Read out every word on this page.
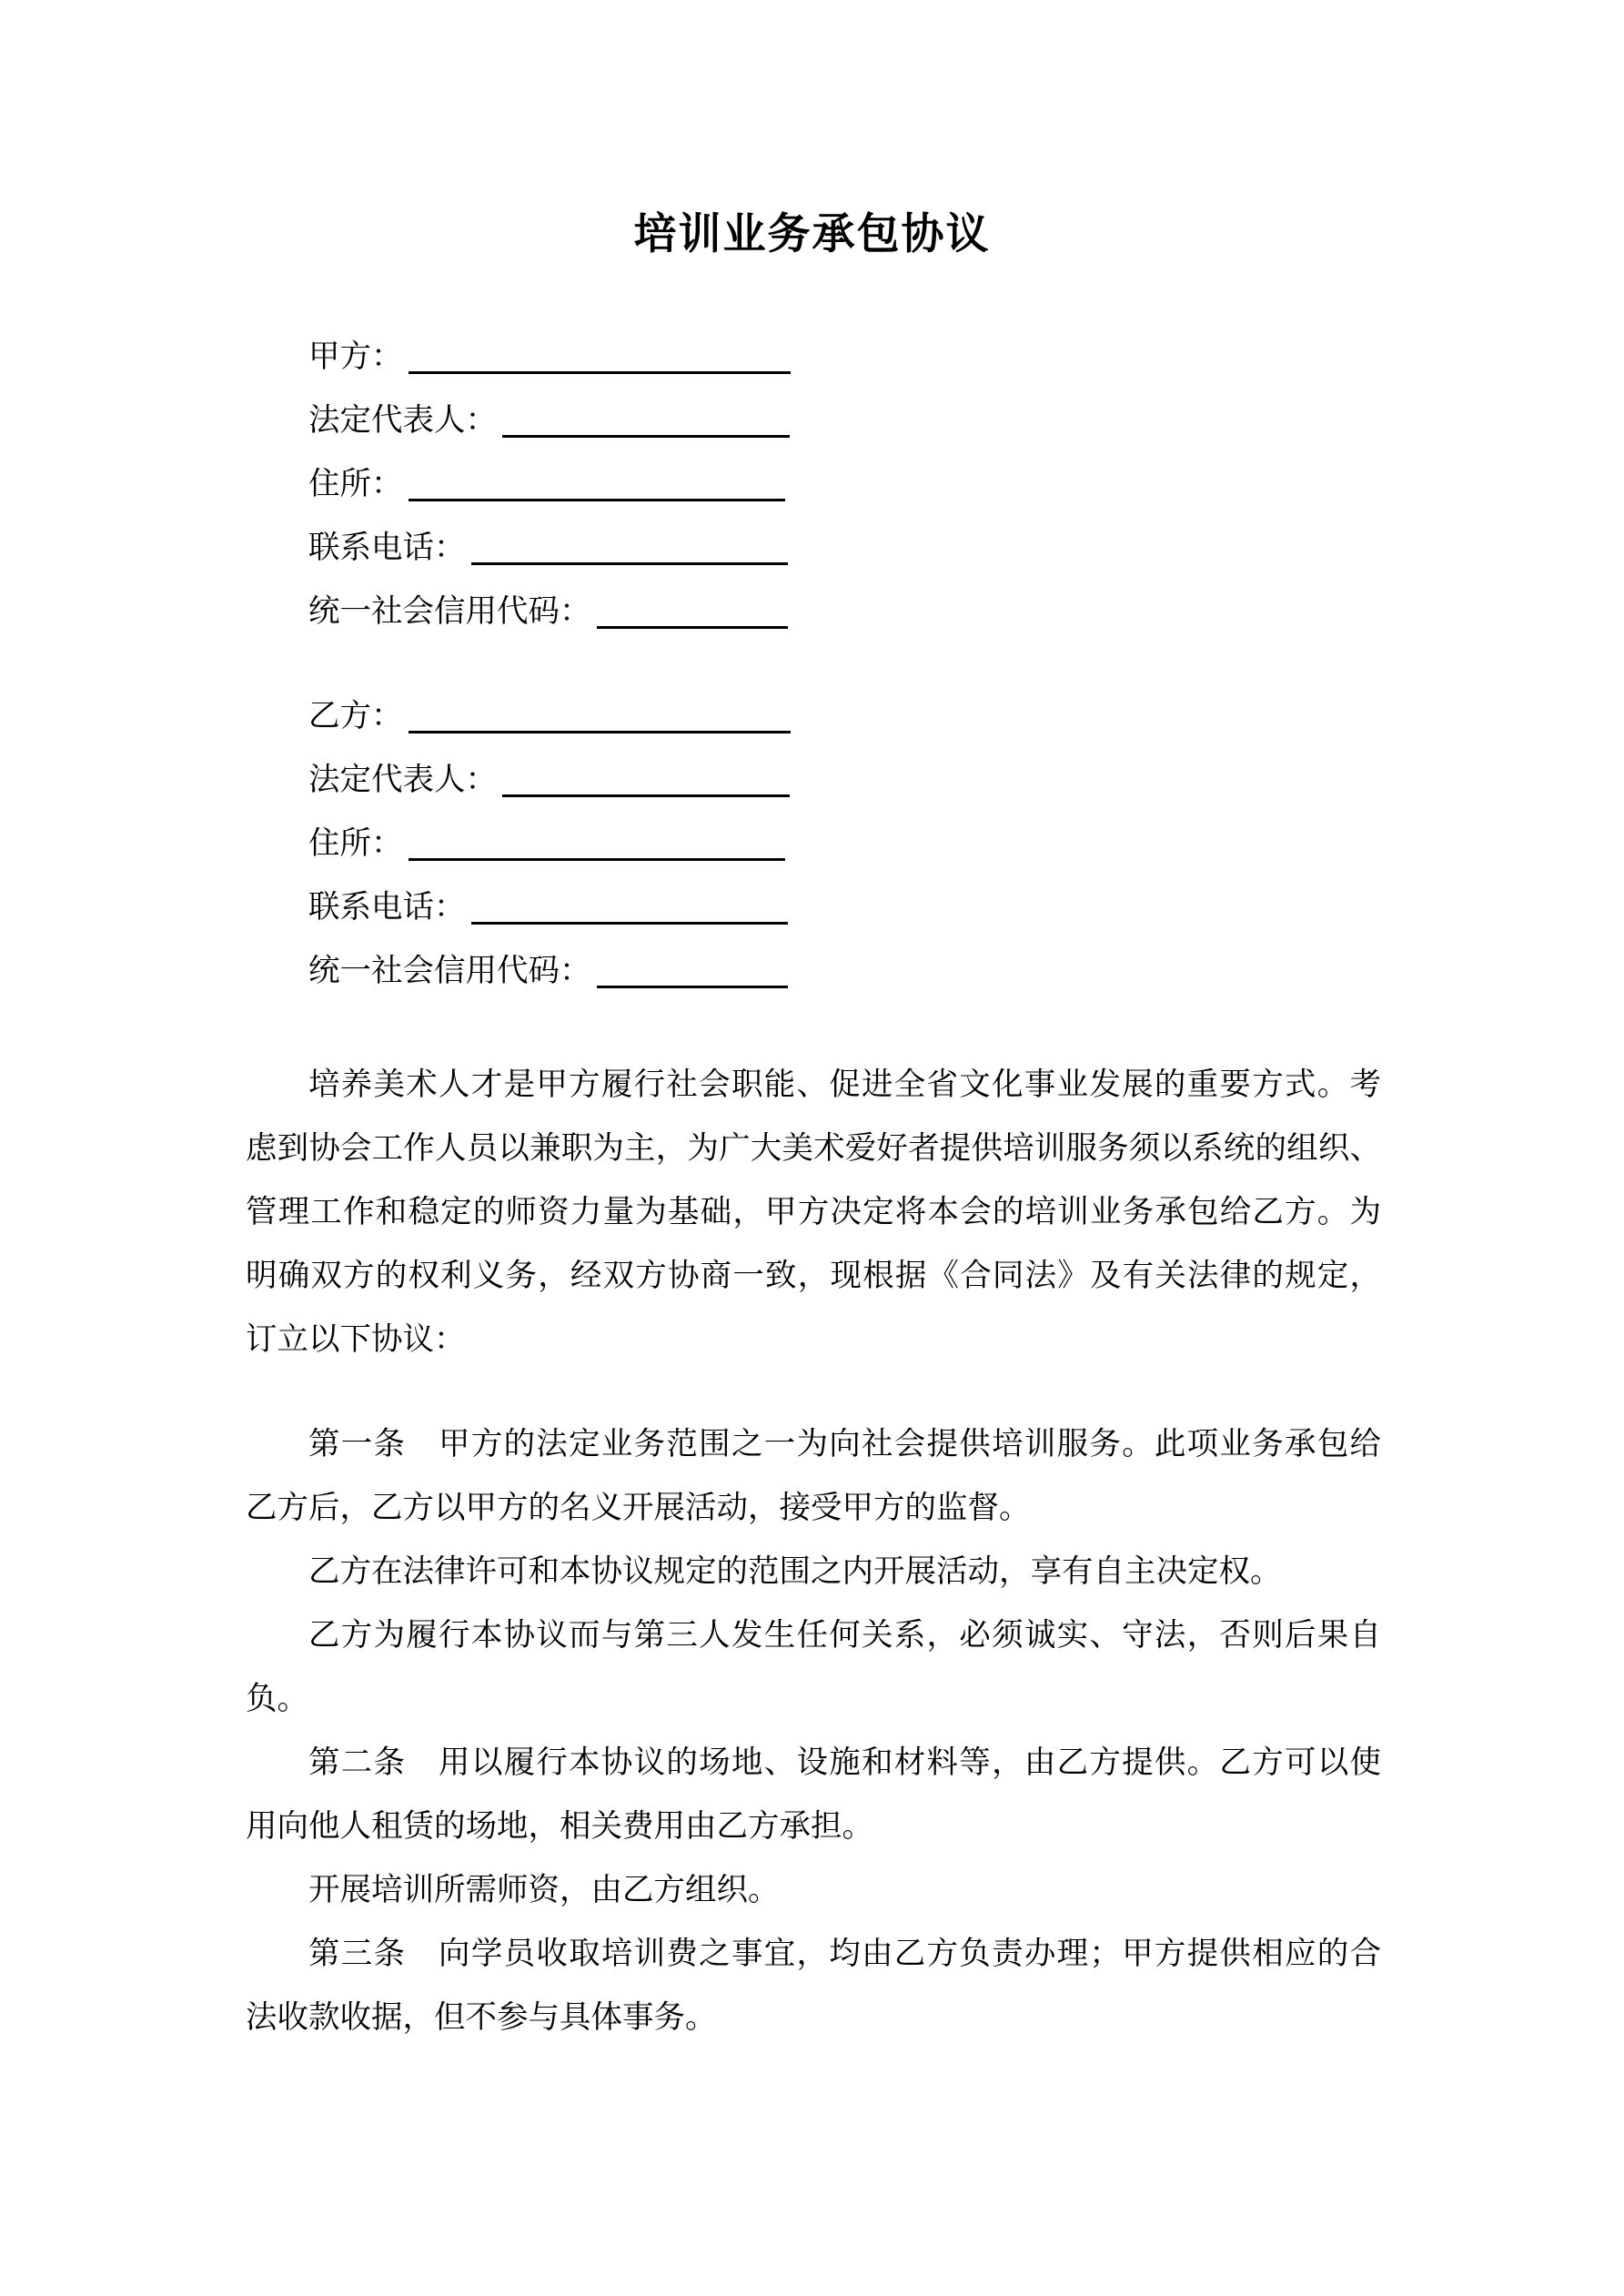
培训业务承包协议
甲方：
法定代表人：
住所：
联系电话：
统一社会信用代码：
乙方：
法定代表人：
住所：
联系电话：
统一社会信用代码：
培养美术人才是甲方履行社会职能、促进全省文化事业发展的重要方式。考
虑到协会工作人员以兼职为主，为广大美术爱好者提供培训服务须以系统的组织、
管理工作和稳定的师资力量为基础，甲方决定将本会的培训业务承包给乙方。为
明确双方的权利义务，经双方协商一致，现根据《合同法》及有关法律的规定，
订立以下协议：
第一条　甲方的法定业务范围之一为向社会提供培训服务。此项业务承包给
乙方后，乙方以甲方的名义开展活动，接受甲方的监督。
乙方在法律许可和本协议规定的范围之内开展活动，享有自主决定权。
乙方为履行本协议而与第三人发生任何关系，必须诚实、守法，否则后果自
负。
第二条　用以履行本协议的场地、设施和材料等，由乙方提供。乙方可以使
用向他人租赁的场地，相关费用由乙方承担。
开展培训所需师资，由乙方组织。
第三条　向学员收取培训费之事宜，均由乙方负责办理；甲方提供相应的合
法收款收据，但不参与具体事务。
